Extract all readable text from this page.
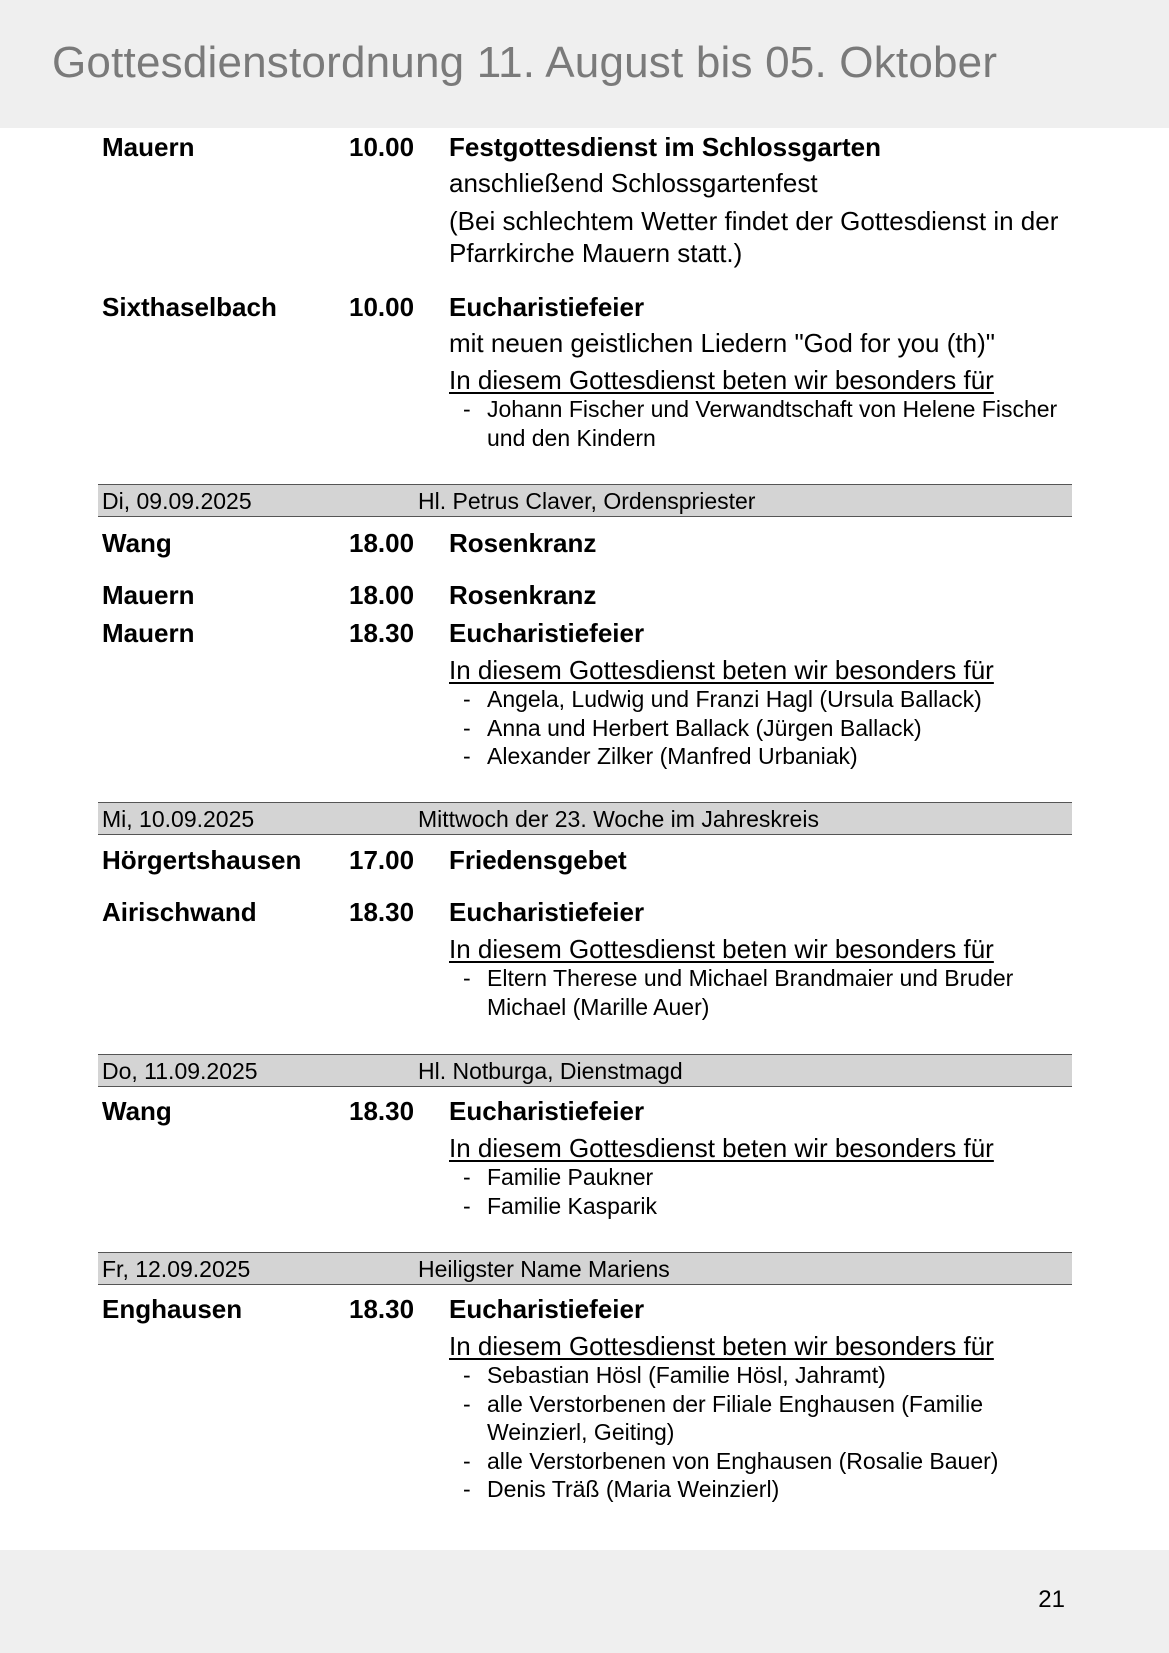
Gottesdienstordnung 11. August bis 05. Oktober
Mauern	10.00 Festgottesdienst im Schlossgarten
anschließend Schlossgartenfest
(Bei schlechtem Wetter findet der Gottesdienst in der Pfarrkirche Mauern statt.)
Sixthaselbach	10.00 Eucharistiefeier
mit neuen geistlichen Liedern "God for you (th)"
In diesem Gottesdienst beten wir besonders für
- Johann Fischer und Verwandtschaft von Helene Fischer und den Kindern
Di, 09.09.2025	Hl. Petrus Claver, Ordenspriester
Wang	18.00 Rosenkranz
Mauern	18.00 Rosenkranz
Mauern	18.30 Eucharistiefeier
In diesem Gottesdienst beten wir besonders für
- Angela, Ludwig und Franzi Hagl (Ursula Ballack)
- Anna und Herbert Ballack (Jürgen Ballack)
- Alexander Zilker (Manfred Urbaniak)
Mi, 10.09.2025	Mittwoch der 23. Woche im Jahreskreis
Hörgertshausen 17.00 Friedensgebet
Airischwand	18.30 Eucharistiefeier
In diesem Gottesdienst beten wir besonders für
- Eltern Therese und Michael Brandmaier und Bruder Michael (Marille Auer)
Do, 11.09.2025	Hl. Notburga, Dienstmagd
Wang	18.30 Eucharistiefeier
In diesem Gottesdienst beten wir besonders für
- Familie Paukner
- Familie Kasparik
Fr, 12.09.2025	Heiligster Name Mariens
Enghausen	18.30 Eucharistiefeier
In diesem Gottesdienst beten wir besonders für
- Sebastian Hösl (Familie Hösl, Jahramt)
- alle Verstorbenen der Filiale Enghausen (Familie Weinzierl, Geiting)
- alle Verstorbenen von Enghausen (Rosalie Bauer)
- Denis Träß (Maria Weinzierl)
21
